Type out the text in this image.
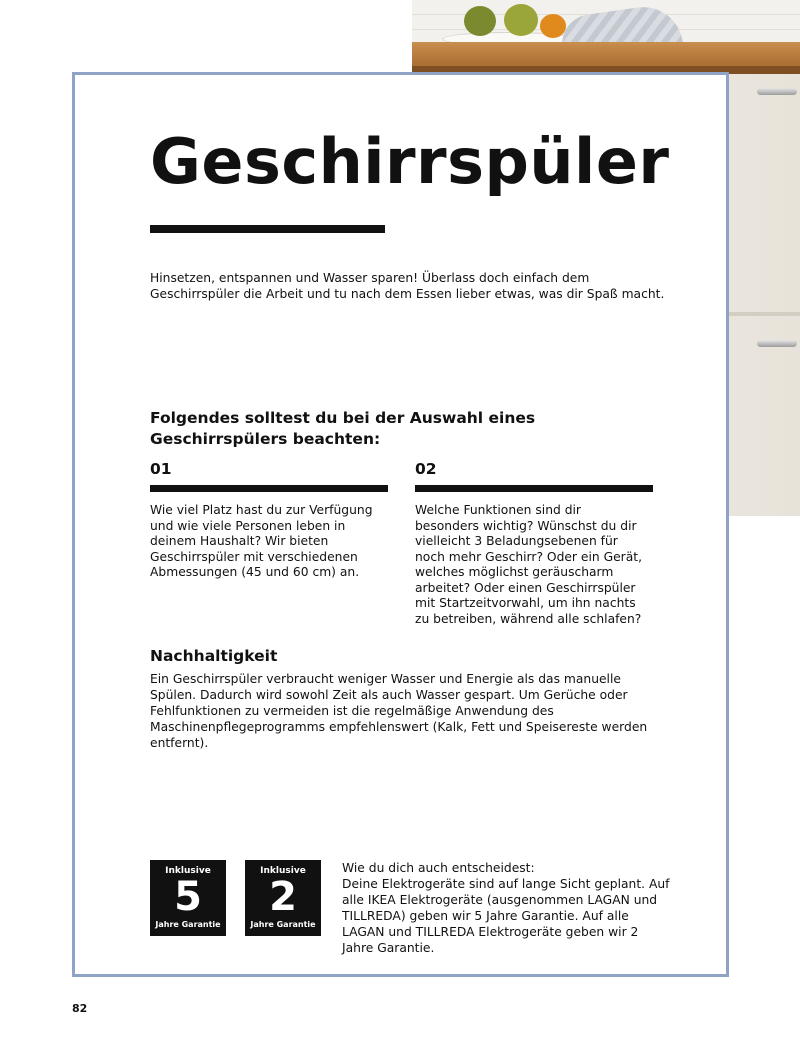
Geschirrspüler

Hinsetzen, entspannen und Wasser sparen! Überlass doch einfach dem Geschirrspüler die Arbeit und tu nach dem Essen lieber etwas, was dir Spaß macht.

Folgendes solltest du bei der Auswahl eines Geschirrspülers beachten:

01

Wie viel Platz hast du zur Verfügung und wie viele Personen leben in deinem Haushalt? Wir bieten Geschirrspüler mit verschiedenen Abmessungen (45 und 60 cm) an.

02

Welche Funktionen sind dir besonders wichtig? Wünschst du dir vielleicht 3 Beladungsebenen für noch mehr Geschirr? Oder ein Gerät, welches möglichst geräuscharm arbeitet? Oder einen Geschirrspüler mit Startzeitvorwahl, um ihn nachts zu betreiben, während alle schlafen?

Nachhaltigkeit

Ein Geschirrspüler verbraucht weniger Wasser und Energie als das manuelle Spülen. Dadurch wird sowohl Zeit als auch Wasser gespart. Um Gerüche oder Fehlfunktionen zu vermeiden ist die regelmäßige Anwendung des Maschinenpflegeprogramms empfehlenswert (Kalk, Fett und Speisereste werden entfernt).

Inklusive
5
Jahre Garantie
Inklusive
2
Jahre Garantie
Wie du dich auch entscheidest:
Deine Elektrogeräte sind auf lange Sicht geplant. Auf alle IKEA Elektrogeräte (ausgenommen LAGAN und TILLREDA) geben wir 5 Jahre Garantie. Auf alle LAGAN und TILLREDA Elektrogeräte geben wir 2 Jahre Garantie.

82
